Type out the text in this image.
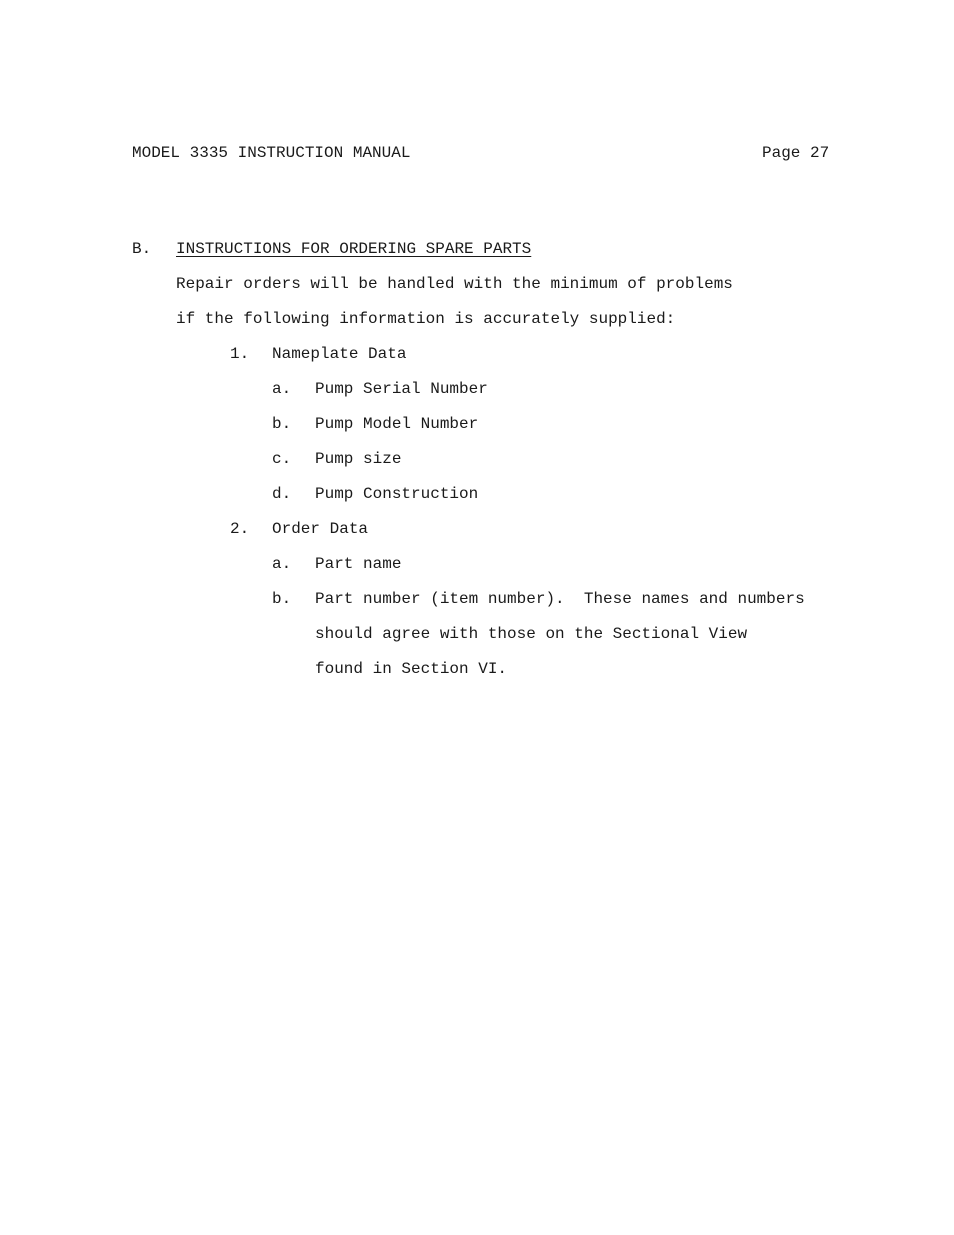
MODEL 3335 INSTRUCTION MANUAL	Page 27
B. INSTRUCTIONS FOR ORDERING SPARE PARTS
Repair orders will be handled with the minimum of problems
if the following information is accurately supplied:
1. Nameplate Data
a. Pump Serial Number
b. Pump Model Number
c. Pump size
d. Pump Construction
2. Order Data
a. Part name
b. Part number (item number).  These names and numbers
should agree with those on the Sectional View
found in Section VI.
